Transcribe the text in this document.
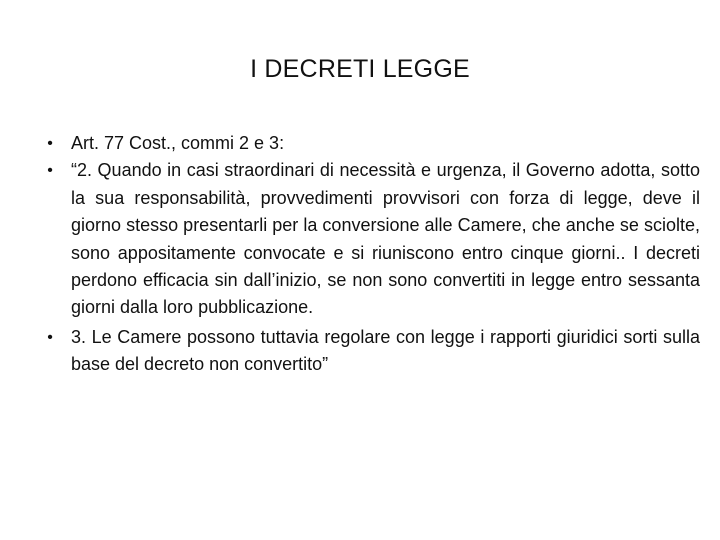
I DECRETI LEGGE
• Art. 77 Cost., commi 2 e 3:
• “2. Quando in casi straordinari di necessità e urgenza, il Governo adotta, sotto la sua responsabilità, provvedimenti provvisori con forza di legge, deve il giorno stesso presentarli per la conversione alle Camere, che anche se sciolte, sono appositamente convocate e si riuniscono entro cinque giorni.. I decreti perdono efficacia sin dall’inizio, se non sono convertiti in legge entro sessanta giorni dalla loro pubblicazione.
• 3. Le Camere possono tuttavia regolare con legge i rapporti giuridici sorti sulla base del decreto non convertito”
